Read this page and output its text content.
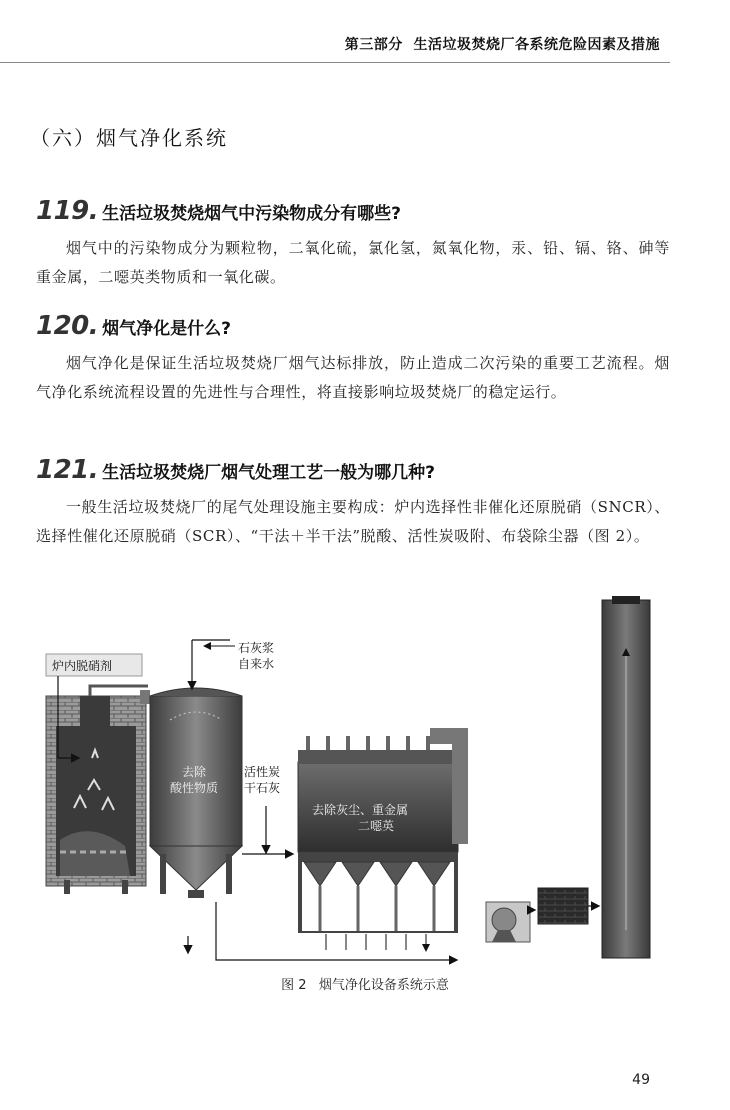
第三部分  生活垃圾焚烧厂各系统危险因素及措施
（六）烟气净化系统
119. 生活垃圾焚烧烟气中污染物成分有哪些?
烟气中的污染物成分为颗粒物，二氧化硫，氯化氢，氮氧化物，汞、铅、镉、铬、砷等重金属，二噁英类物质和一氧化碳。
120. 烟气净化是什么?
烟气净化是保证生活垃圾焚烧厂烟气达标排放，防止造成二次污染的重要工艺流程。烟气净化系统流程设置的先进性与合理性，将直接影响垃圾焚烧厂的稳定运行。
121. 生活垃圾焚烧厂烟气处理工艺一般为哪几种?
一般生活垃圾焚烧厂的尾气处理设施主要构成：炉内选择性非催化还原脱硝（SNCR）、选择性催化还原脱硝（SCR）、“干法＋半干法”脱酸、活性炭吸附、布袋除尘器（图 2）。
炉内脱硝剂
去除
酸性物质
石灰浆
自来水
活性炭
干石灰
去除灰尘、重金属
二噁英
图 2   烟气净化设备系统示意
49
